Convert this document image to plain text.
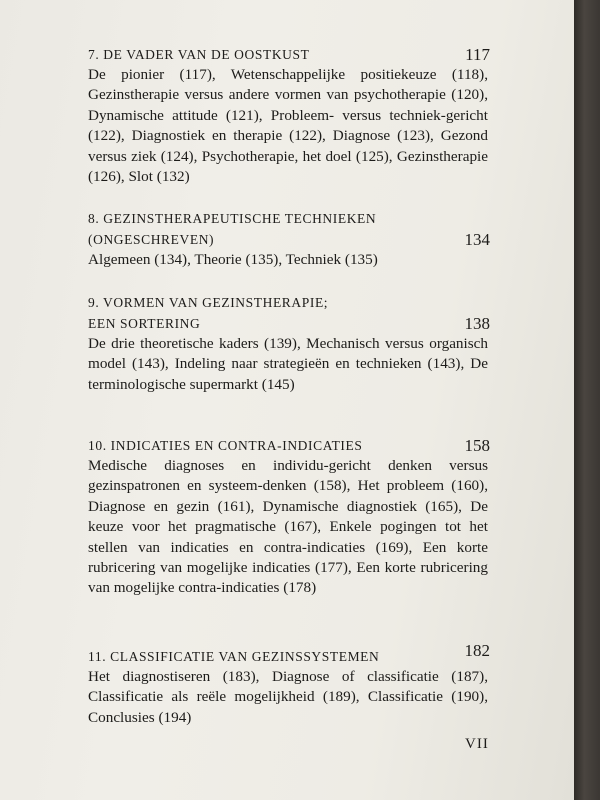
7. DE VADER VAN DE OOSTKUST	117
De pionier (117), Wetenschappelijke positiekeuze (118), Gezinstherapie versus andere vormen van psychotherapie (120), Dynamische attitude (121), Probleem- versus techniek-gericht (122), Diagnostiek en therapie (122), Diagnose (123), Gezond versus ziek (124), Psychotherapie, het doel (125), Gezinstherapie (126), Slot (132)
8. GEZINSTHERAPEUTISCHE TECHNIEKEN
(ONGESCHREVEN)	134
Algemeen (134), Theorie (135), Techniek (135)
9. VORMEN VAN GEZINSTHERAPIE;
EEN SORTERING	138
De drie theoretische kaders (139), Mechanisch versus organisch model (143), Indeling naar strategieën en technieken (143), De terminologische supermarkt (145)
10. INDICATIES EN CONTRA-INDICATIES	158
Medische diagnoses en individu-gericht denken versus gezinspatronen en systeem-denken (158), Het probleem (160), Diagnose en gezin (161), Dynamische diagnostiek (165), De keuze voor het pragmatische (167), Enkele pogingen tot het stellen van indicaties en contra-indicaties (169), Een korte rubricering van mogelijke indicaties (177), Een korte rubricering van mogelijke contra-indicaties (178)
11. CLASSIFICATIE VAN GEZINSSYSTEMEN	182
Het diagnostiseren (183), Diagnose of classificatie (187), Classificatie als reële mogelijkheid (189), Classificatie (190), Conclusies (194)
VII
